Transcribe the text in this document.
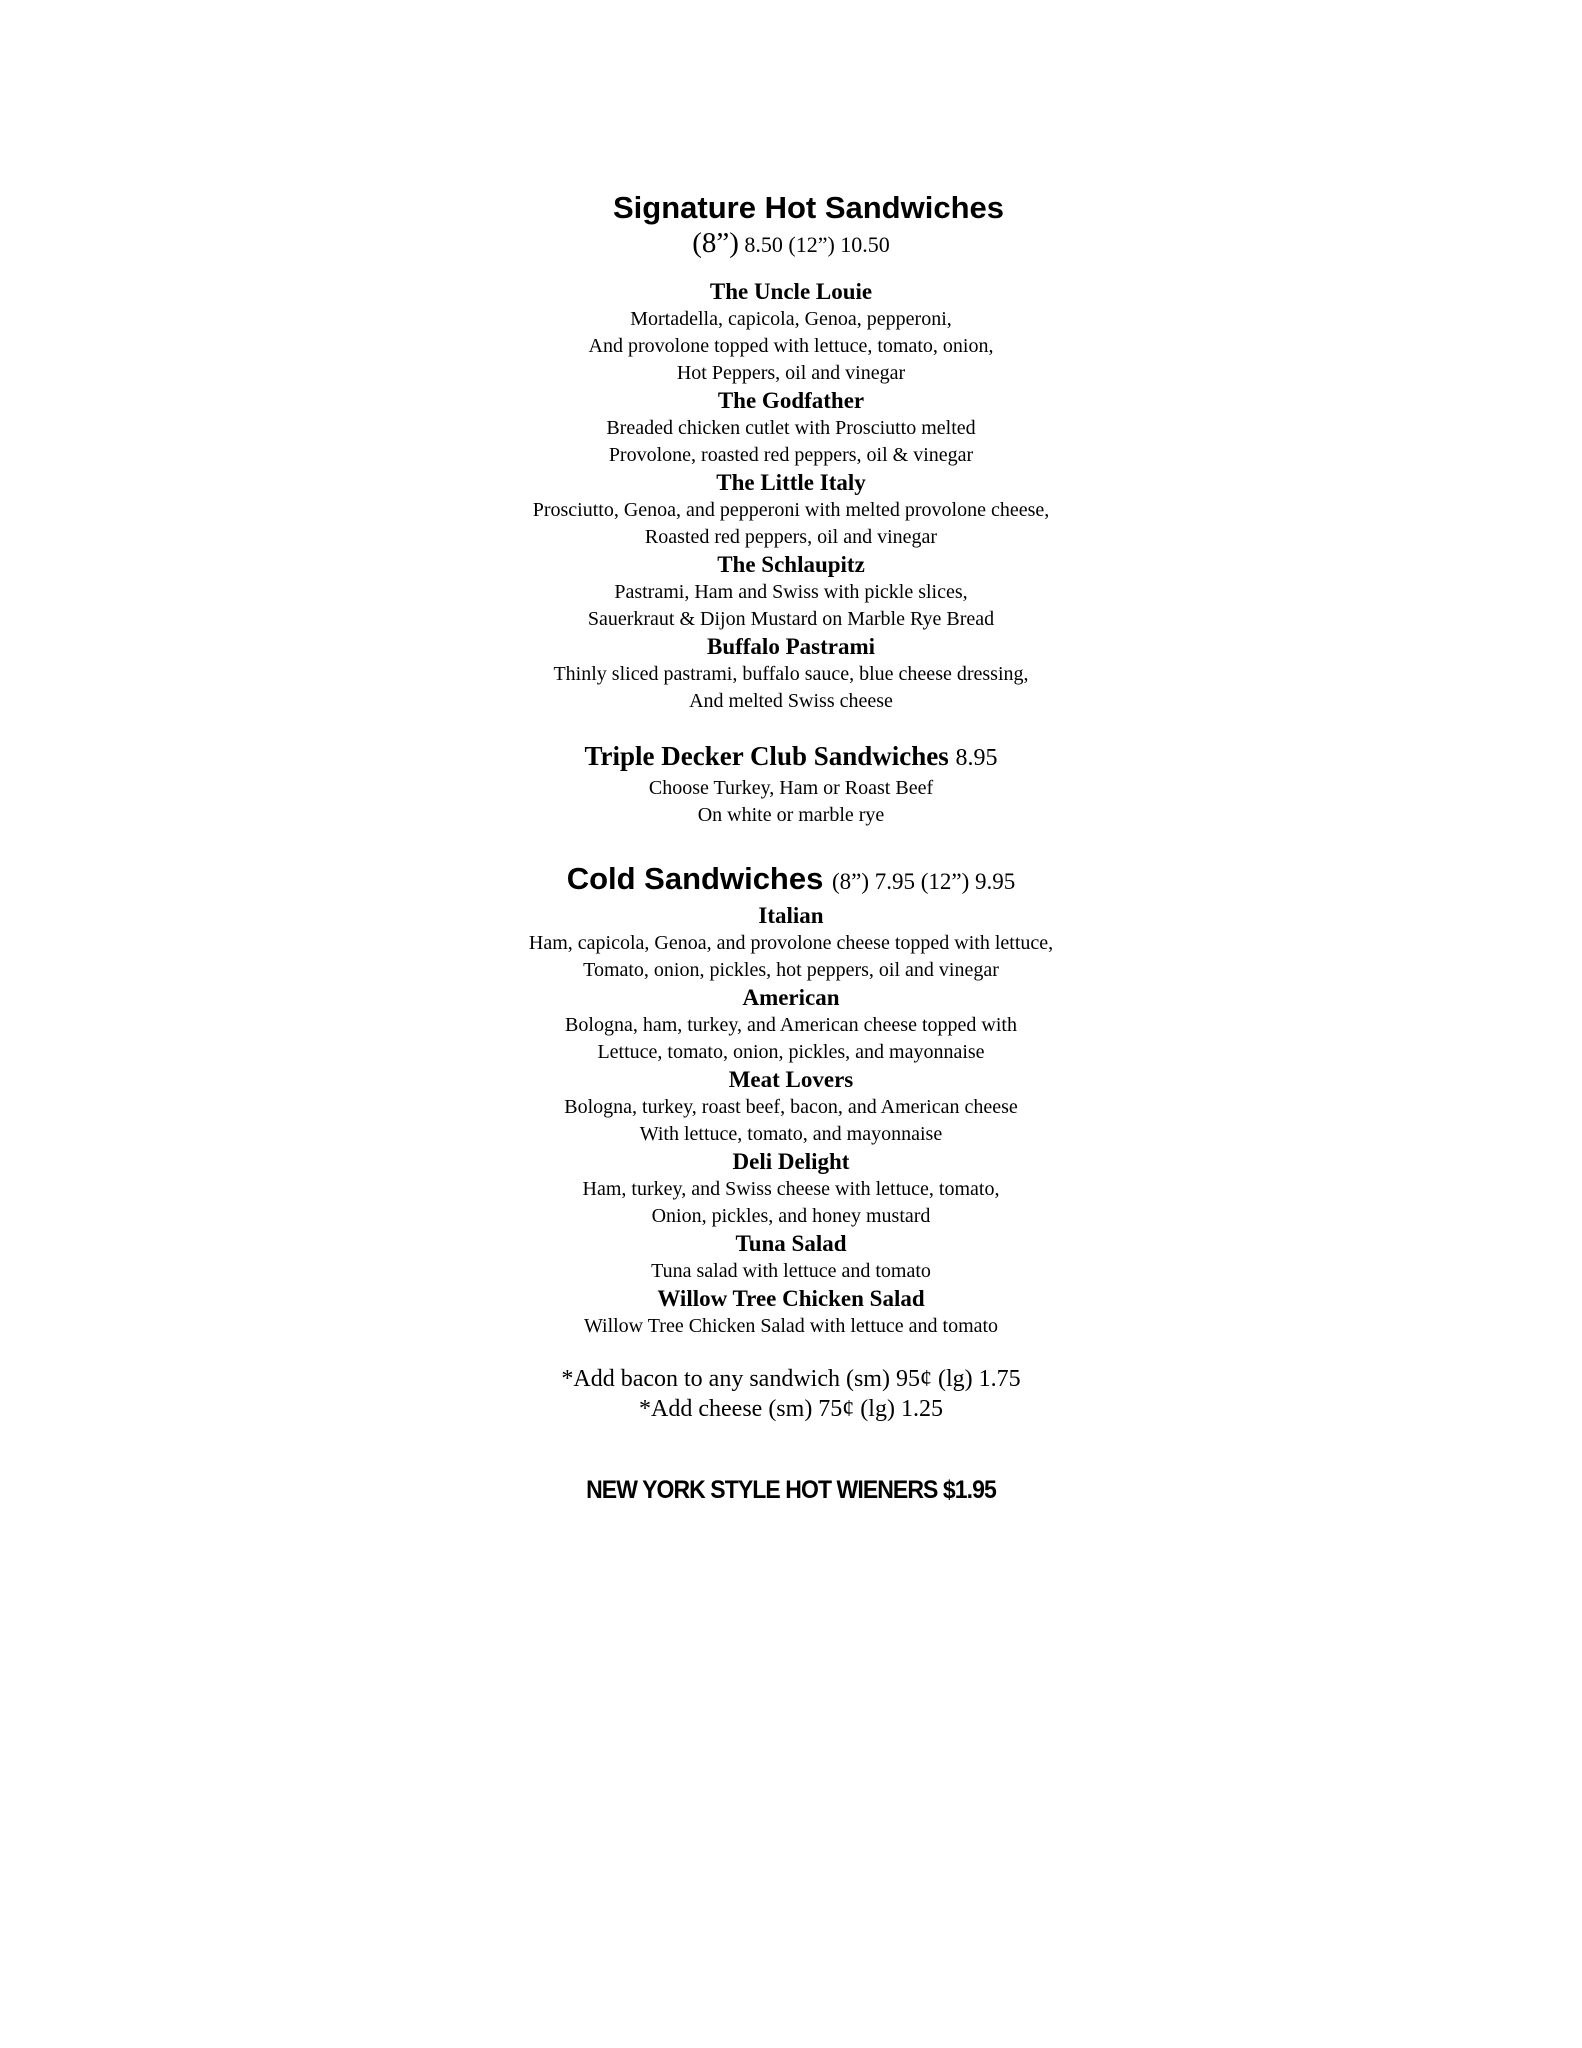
Signature Hot Sandwiches
(8”) 8.50 (12”) 10.50
The Uncle Louie
Mortadella, capicola, Genoa, pepperoni,
And provolone topped with lettuce, tomato, onion,
Hot Peppers, oil and vinegar
The Godfather
Breaded chicken cutlet with Prosciutto melted
Provolone, roasted red peppers, oil & vinegar
The Little Italy
Prosciutto, Genoa, and pepperoni with melted provolone cheese,
Roasted red peppers, oil and vinegar
The Schlaupitz
Pastrami, Ham and Swiss with pickle slices,
Sauerkraut & Dijon Mustard on Marble Rye Bread
Buffalo Pastrami
Thinly sliced pastrami, buffalo sauce, blue cheese dressing,
And melted Swiss cheese
Triple Decker Club Sandwiches 8.95
Choose Turkey, Ham or Roast Beef
On white or marble rye
Cold Sandwiches (8”) 7.95 (12”) 9.95
Italian
Ham, capicola, Genoa, and provolone cheese topped with lettuce,
Tomato, onion, pickles, hot peppers, oil and vinegar
American
Bologna, ham, turkey, and American cheese topped with
Lettuce, tomato, onion, pickles, and mayonnaise
Meat Lovers
Bologna, turkey, roast beef, bacon, and American cheese
With lettuce, tomato, and mayonnaise
Deli Delight
Ham, turkey, and Swiss cheese with lettuce, tomato,
Onion, pickles, and honey mustard
Tuna Salad
Tuna salad with lettuce and tomato
Willow Tree Chicken Salad
Willow Tree Chicken Salad with lettuce and tomato
*Add bacon to any sandwich (sm) 95¢ (lg) 1.75
*Add cheese (sm) 75¢ (lg) 1.25
NEW YORK STYLE HOT WIENERS $1.95
